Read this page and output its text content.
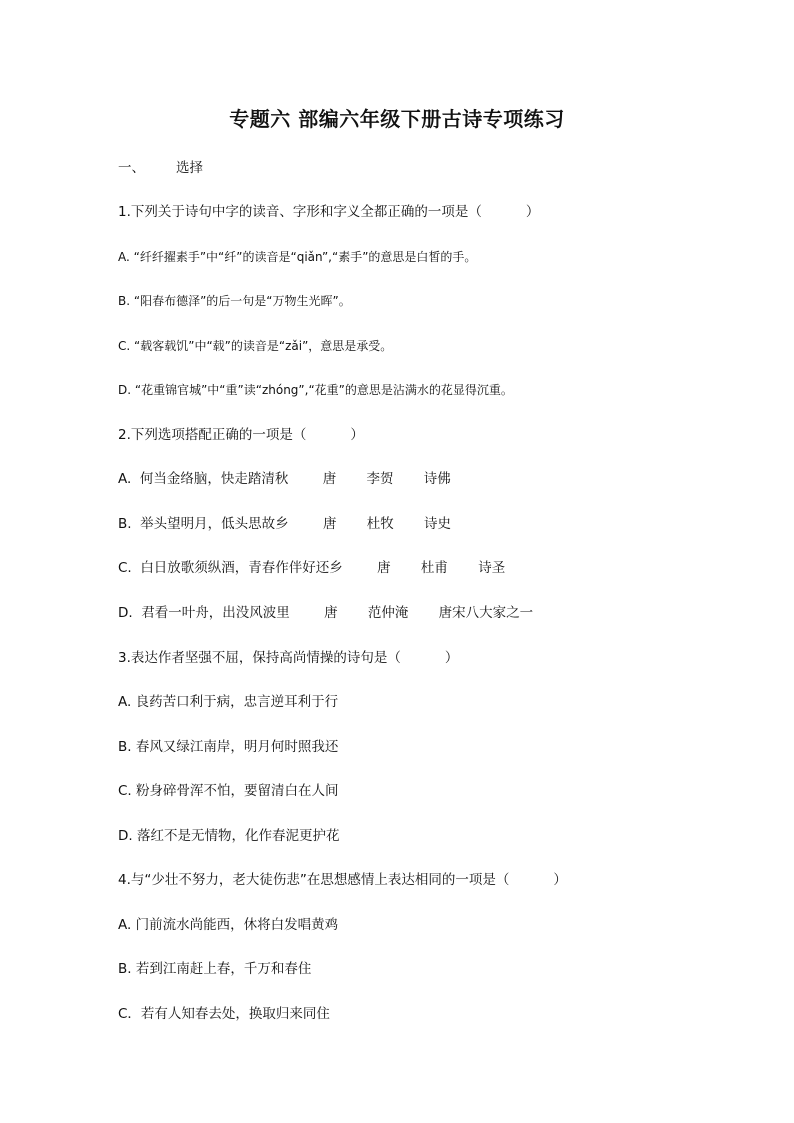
专题六 部编六年级下册古诗专项练习
一、 选择
1.下列关于诗句中字的读音、字形和字义全都正确的一项是（	）
A. “纤纤擢素手”中“纤”的读音是“qiǎn”,“素手”的意思是白皙的手。
B. “阳春布德泽”的后一句是“万物生光晖”。
C. “载客载饥”中“载”的读音是“zǎi”，意思是承受。
D. “花重锦官城”中“重”读“zhóng”,“花重”的意思是沾满水的花显得沉重。
2.下列选项搭配正确的一项是（	）
A. 何当金络脑，快走踏清秋	唐 李贺 诗佛
B. 举头望明月，低头思故乡	唐 杜牧 诗史
C. 白日放歌须纵酒，青春作伴好还乡	唐 杜甫 诗圣
D. 君看一叶舟，出没风波里	唐 范仲淹 唐宋八大家之一
3.表达作者坚强不屈，保持高尚情操的诗句是（	）
A. 良药苦口利于病，忠言逆耳利于行
B. 春风又绿江南岸，明月何时照我还
C. 粉身碎骨浑不怕，要留清白在人间
D. 落红不是无情物，化作春泥更护花
4.与“少壮不努力，老大徒伤悲”在思想感情上表达相同的一项是（	）
A. 门前流水尚能西，休将白发唱黄鸡
B. 若到江南赶上春，千万和春住
C．若有人知春去处，换取归来同住
